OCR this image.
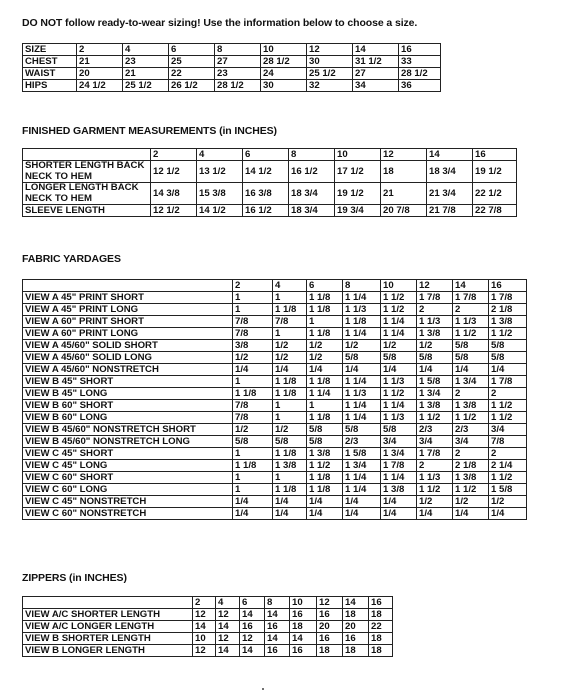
DO NOT follow ready-to-wear sizing! Use the information below to choose a size.
SIZE	2	4	6	8	10	12	14	16
CHEST	21	23	25	27	28 1/2	30	31 1/2	33
WAIST	20	21	22	23	24	25 1/2	27	28 1/2
HIPS	24 1/2	25 1/2	26 1/2	28 1/2	30	32	34	36
FINISHED GARMENT MEASUREMENTS (in INCHES)
	2	4	6	8	10	12	14	16
SHORTER LENGTH BACK NECK TO HEM	12 1/2	13 1/2	14 1/2	16 1/2	17 1/2	18	18 3/4	19 1/2
LONGER LENGTH BACK NECK TO HEM	14 3/8	15 3/8	16 3/8	18 3/4	19 1/2	21	21 3/4	22 1/2
SLEEVE LENGTH	12 1/2	14 1/2	16 1/2	18 3/4	19 3/4	20 7/8	21 7/8	22 7/8
FABRIC YARDAGES
	2	4	6	8	10	12	14	16
VIEW A 45" PRINT SHORT	1	1	1 1/8	1 1/4	1 1/2	1 7/8	1 7/8	1 7/8
VIEW A 45" PRINT LONG	1	1 1/8	1 1/8	1 1/3	1 1/2	2	2	2 1/8
VIEW A 60" PRINT SHORT	7/8	7/8	1	1 1/8	1 1/4	1 1/3	1 1/3	1 3/8
VIEW A 60" PRINT LONG	7/8	1	1 1/8	1 1/4	1 1/4	1 3/8	1 1/2	1 1/2
VIEW A 45/60" SOLID SHORT	3/8	1/2	1/2	1/2	1/2	1/2	5/8	5/8
VIEW A 45/60" SOLID LONG	1/2	1/2	1/2	5/8	5/8	5/8	5/8	5/8
VIEW A 45/60" NONSTRETCH	1/4	1/4	1/4	1/4	1/4	1/4	1/4	1/4
VIEW B 45" SHORT	1	1 1/8	1 1/8	1 1/4	1 1/3	1 5/8	1 3/4	1 7/8
VIEW B 45" LONG	1 1/8	1 1/8	1 1/4	1 1/3	1 1/2	1 3/4	2	2
VIEW B 60" SHORT	7/8	1	1	1 1/4	1 1/4	1 3/8	1 3/8	1 1/2
VIEW B 60" LONG	7/8	1	1 1/8	1 1/4	1 1/3	1 1/2	1 1/2	1 1/2
VIEW B 45/60" NONSTRETCH SHORT	1/2	1/2	5/8	5/8	5/8	2/3	2/3	3/4
VIEW B 45/60" NONSTRETCH LONG	5/8	5/8	5/8	2/3	3/4	3/4	3/4	7/8
VIEW C 45" SHORT	1	1 1/8	1 3/8	1 5/8	1 3/4	1 7/8	2	2
VIEW C 45" LONG	1 1/8	1 3/8	1 1/2	1 3/4	1 7/8	2	2 1/8	2 1/4
VIEW C 60" SHORT	1	1	1 1/8	1 1/4	1 1/4	1 1/3	1 3/8	1 1/2
VIEW C 60" LONG	1	1 1/8	1 1/8	1 1/4	1 3/8	1 1/2	1 1/2	1 5/8
VIEW C 45" NONSTRETCH	1/4	1/4	1/4	1/4	1/4	1/2	1/2	1/2
VIEW C 60" NONSTRETCH	1/4	1/4	1/4	1/4	1/4	1/4	1/4	1/4
ZIPPERS (in INCHES)
	2	4	6	8	10	12	14	16
VIEW A/C SHORTER LENGTH	12	12	14	14	16	16	18	18
VIEW A/C LONGER LENGTH	14	14	16	16	18	20	20	22
VIEW B SHORTER LENGTH	10	12	12	14	14	16	16	18
VIEW B LONGER LENGTH	12	14	14	16	16	18	18	18
